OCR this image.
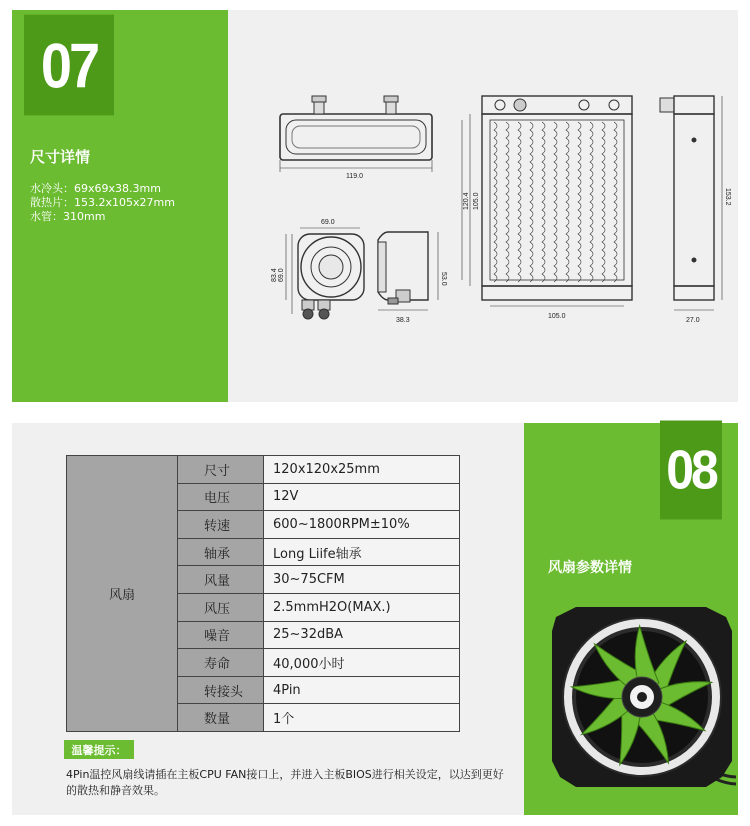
07
尺寸详情
水冷头：69x69x38.3mm
散热片：153.2x105x27mm
水管：310mm
119.0
69.0
69.0
83.4	53.0
38.3
120.4 105.0
105.0
153.2
27.0
风扇	尺寸	120x120x25mm
	电压	12V
	转速	600~1800RPM±10%
	轴承	Long Liife轴承
	风量	30~75CFM
	风压	2.5mmH2O(MAX.)
	噪音	25~32dBA
	寿命	40,000小时
	转接头	4Pin
	数量	1个
温馨提示：
4Pin温控风扇线请插在主板CPU FAN接口上，并进入主板BIOS进行相关设定，以达到更好的散热和静音效果。
08
风扇参数详情
